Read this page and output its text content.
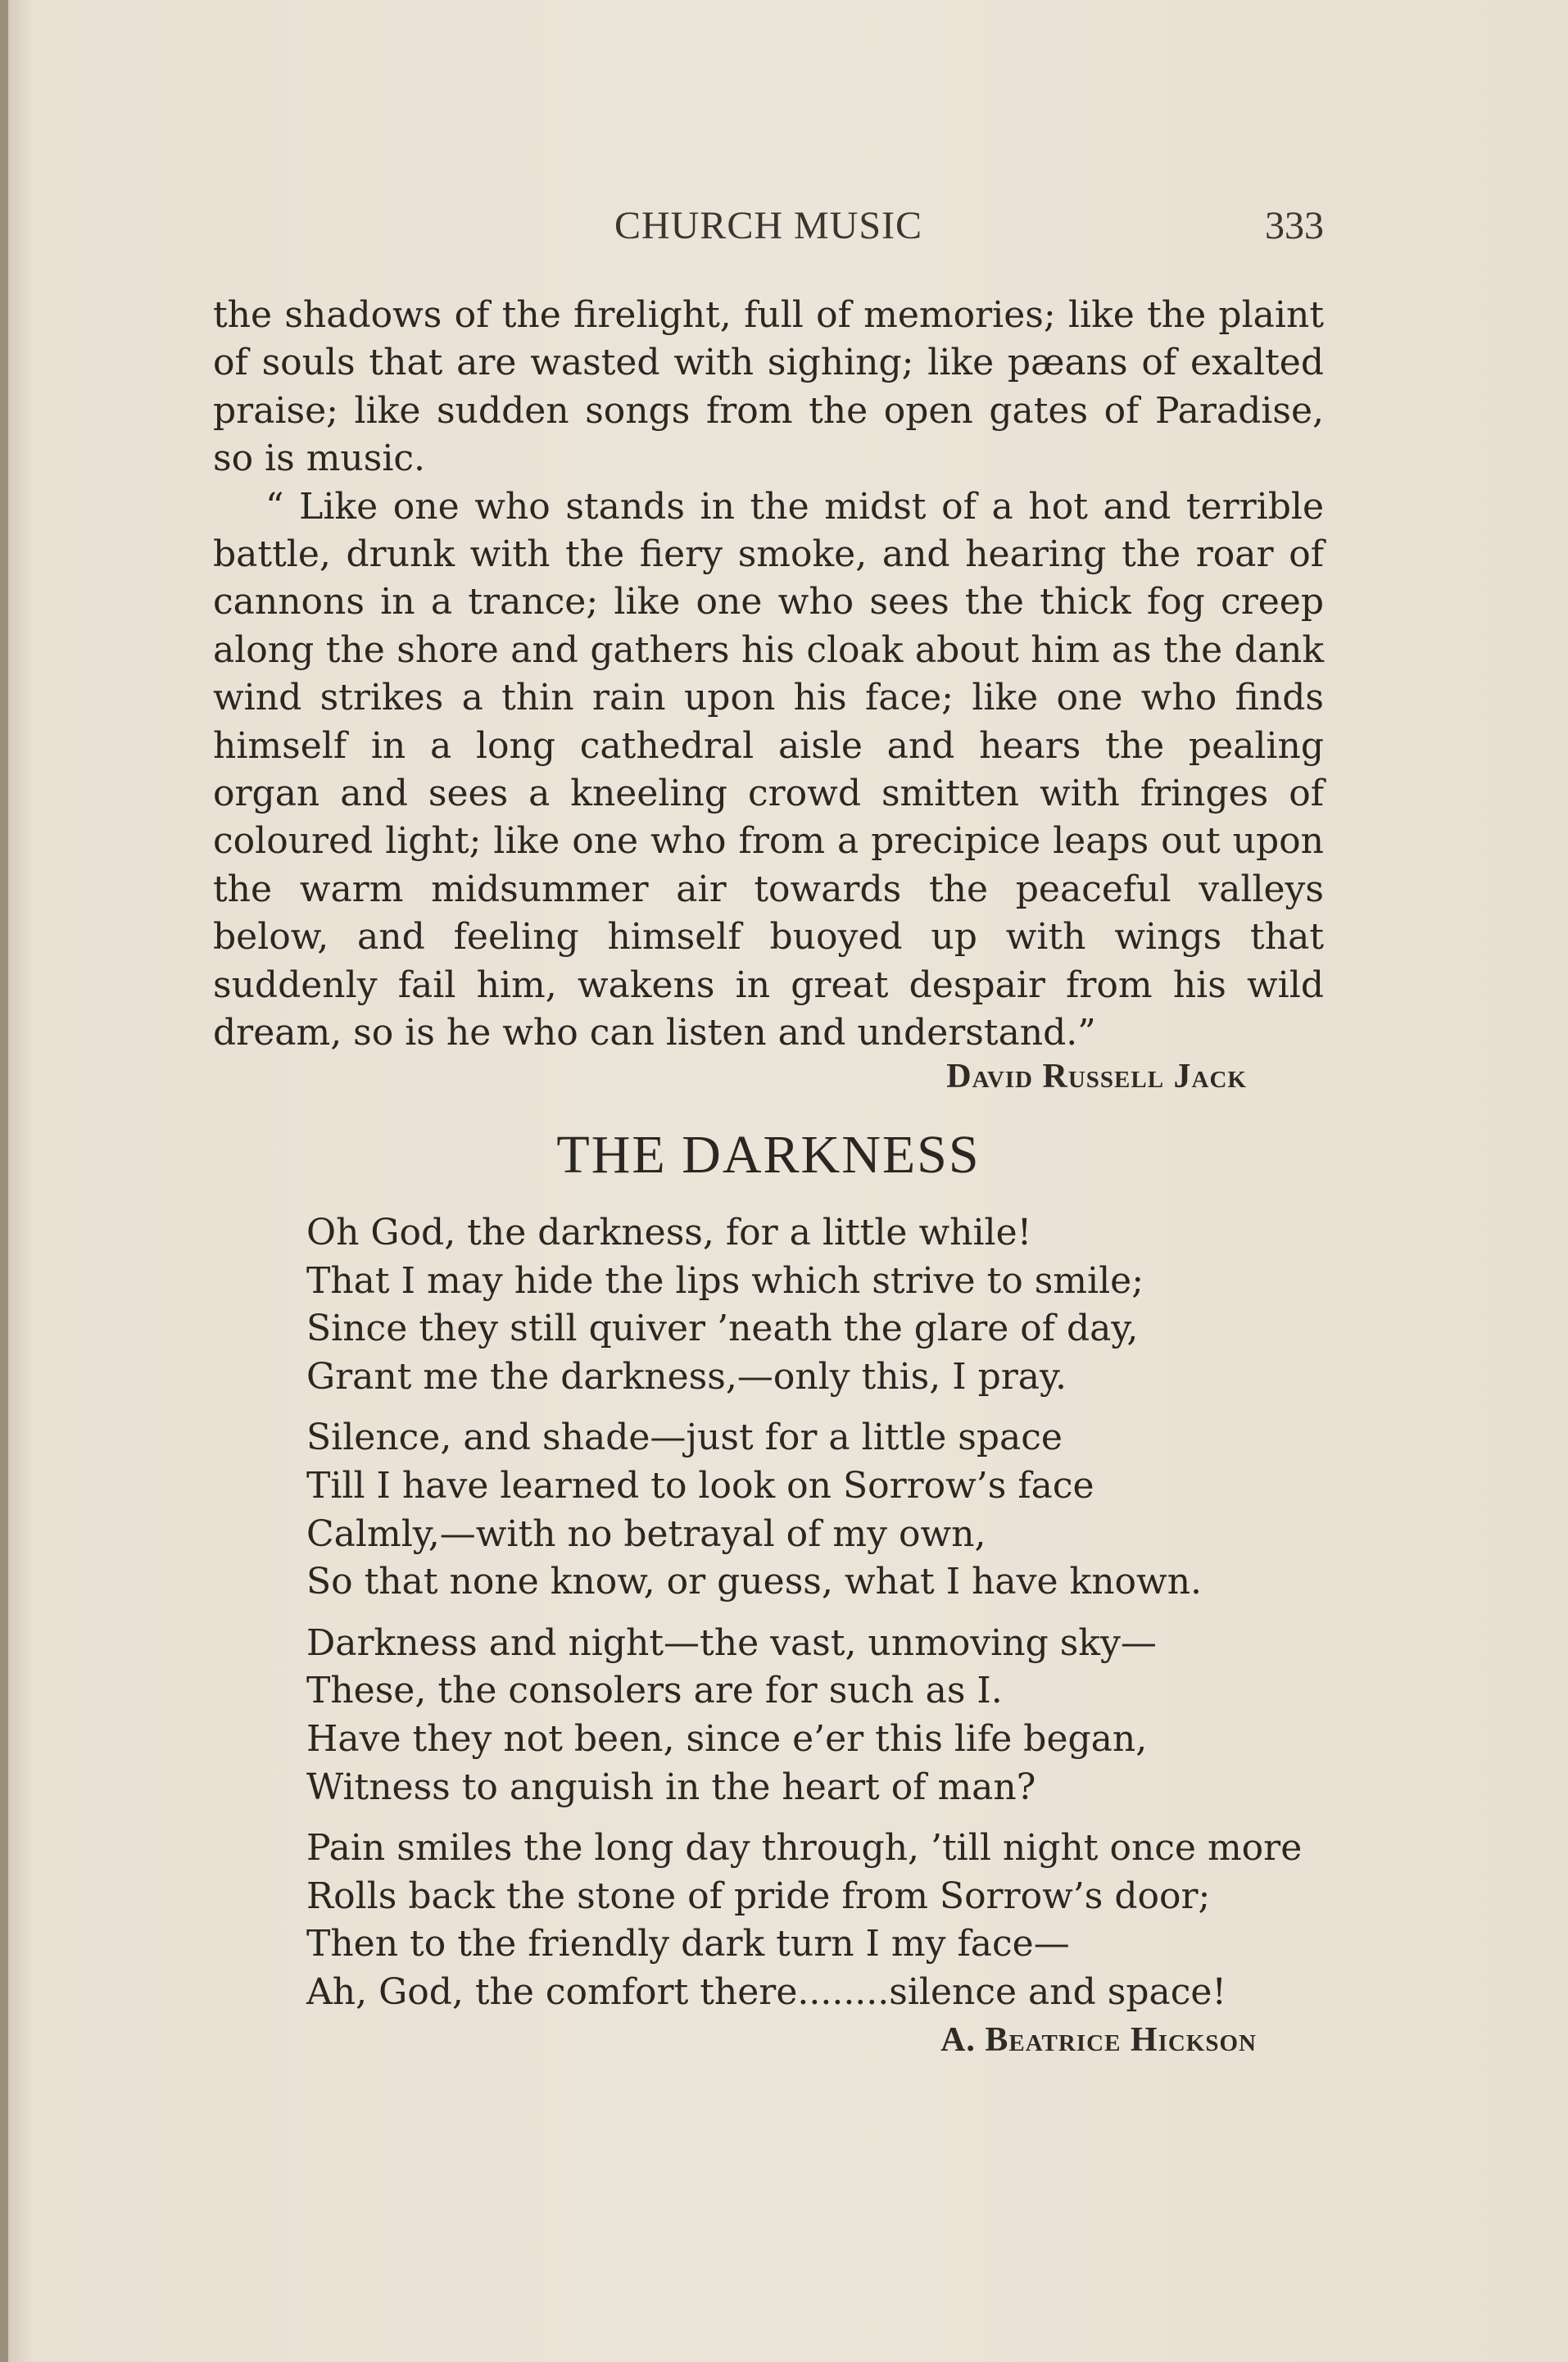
CHURCH MUSIC	333

the shadows of the firelight, full of memories; like the plaint of souls that are wasted with sighing; like pæans of exalted praise; like sudden songs from the open gates of Paradise, so is music.

“ Like one who stands in the midst of a hot and terrible battle, drunk with the fiery smoke, and hearing the roar of cannons in a trance; like one who sees the thick fog creep along the shore and gathers his cloak about him as the dank wind strikes a thin rain upon his face; like one who finds himself in a long cathedral aisle and hears the pealing organ and sees a kneeling crowd smitten with fringes of coloured light; like one who from a precipice leaps out upon the warm midsummer air towards the peaceful valleys below, and feeling himself buoyed up with wings that suddenly fail him, wakens in great despair from his wild dream, so is he who can listen and understand.”

David Russell Jack
THE DARKNESS
Oh God, the darkness, for a little while!
That I may hide the lips which strive to smile;
Since they still quiver ’neath the glare of day,
Grant me the darkness,—only this, I pray.
Silence, and shade—just for a little space
Till I have learned to look on Sorrow’s face
Calmly,—with no betrayal of my own,
So that none know, or guess, what I have known.
Darkness and night—the vast, unmoving sky—
These, the consolers are for such as I.
Have they not been, since e’er this life began,
Witness to anguish in the heart of man?
Pain smiles the long day through, ’till night once more
Rolls back the stone of pride from Sorrow’s door;
Then to the friendly dark turn I my face—
Ah, God, the comfort there........silence and space!
A. Beatrice Hickson
